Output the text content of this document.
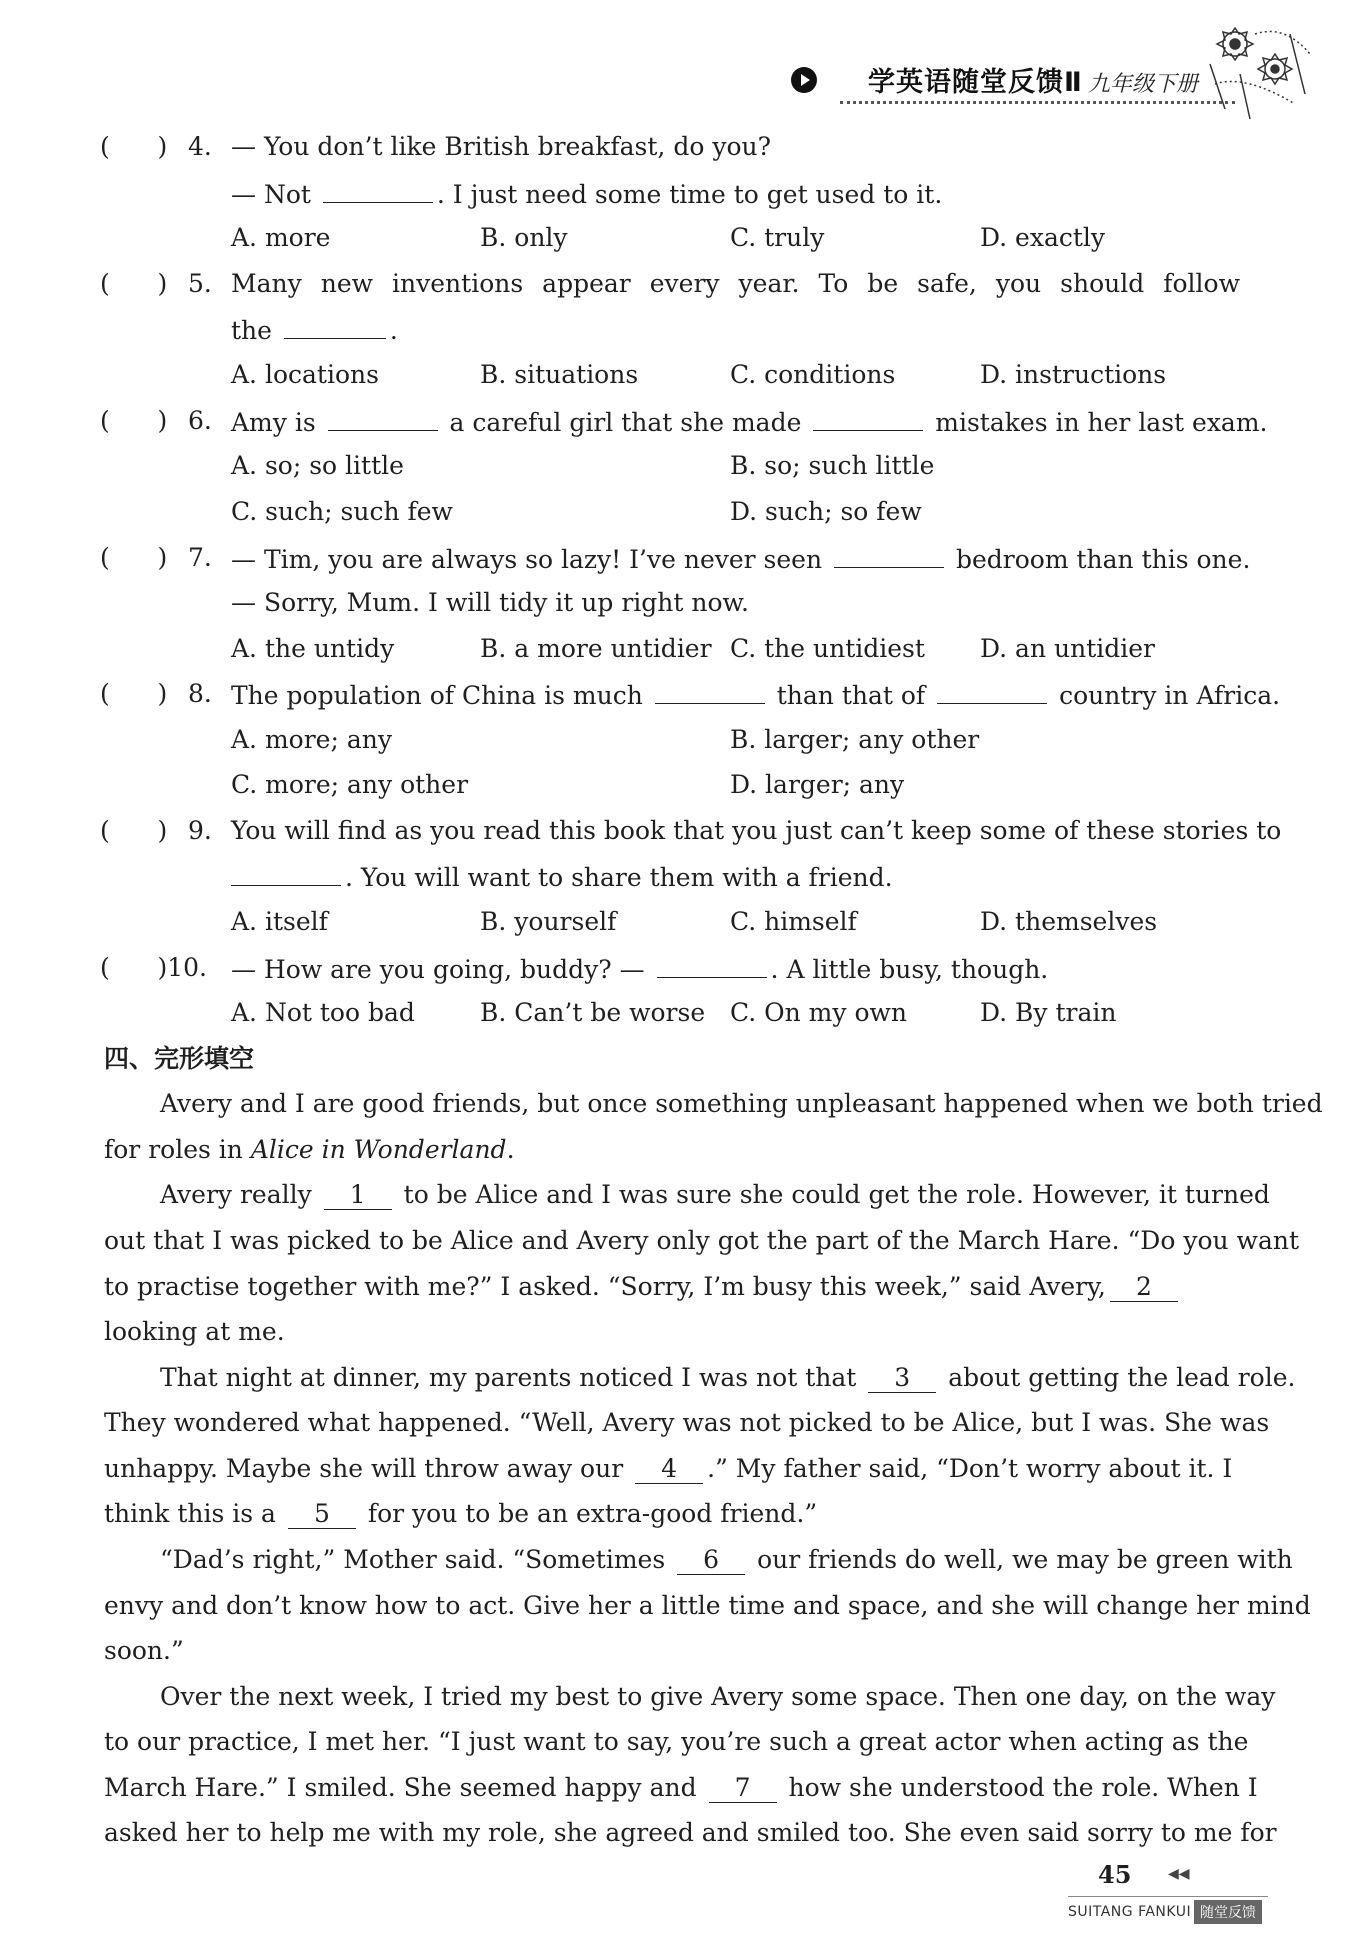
学英语随堂反馈Ⅱ 九年级下册
( ) 4. — You don’t like British breakfast, do you?
— Not	. I just need some time to get used to it.
A. more	B. only	C. truly	D. exactly
( ) 5. Many new inventions appear every year. To be safe, you should follow
the	.
A. locations	B. situations	C. conditions	D. instructions
( ) 6. Amy is	a careful girl that she made	mistakes in her last exam.
A. so; so little	B. so; such little
C. such; such few	D. such; so few
( ) 7. — Tim, you are always so lazy! I’ve never seen	bedroom than this one.
— Sorry, Mum. I will tidy it up right now.
A. the untidy	B. a more untidier C. the untidiest D. an untidier
( ) 8. The population of China is much	than that of	country in Africa.
A. more; any	B. larger; any other
C. more; any other	D. larger; any
( ) 9. You will find as you read this book that you just can’t keep some of these stories to
. You will want to share them with a friend.
A. itself	B. yourself	C. himself	D. themselves
( )10. — How are you going, buddy? —	. A little busy, though.
A. Not too bad	B. Can’t be worse C. On my own	D. By train
四、完形填空
Avery and I are good friends, but once something unpleasant happened when we both tried
for roles in Alice in Wonderland.
Avery really 1 to be Alice and I was sure she could get the role. However, it turned
out that I was picked to be Alice and Avery only got the part of the March Hare. “Do you want
to practise together with me?” I asked. “Sorry, I’m busy this week,” said Avery, 2
looking at me.
That night at dinner, my parents noticed I was not that 3 about getting the lead role.
They wondered what happened. “Well, Avery was not picked to be Alice, but I was. She was
unhappy. Maybe she will throw away our 4 .” My father said, “Don’t worry about it. I
think this is a 5 for you to be an extra-good friend.”
“Dad’s right,” Mother said. “Sometimes 6 our friends do well, we may be green with
envy and don’t know how to act. Give her a little time and space, and she will change her mind
soon.”
Over the next week, I tried my best to give Avery some space. Then one day, on the way
to our practice, I met her. “I just want to say, you’re such a great actor when acting as the
March Hare.” I smiled. She seemed happy and 7 how she understood the role. When I
asked her to help me with my role, she agreed and smiled too. She even said sorry to me for
45	◀◀
SUITANG FANKUI 随堂反馈
